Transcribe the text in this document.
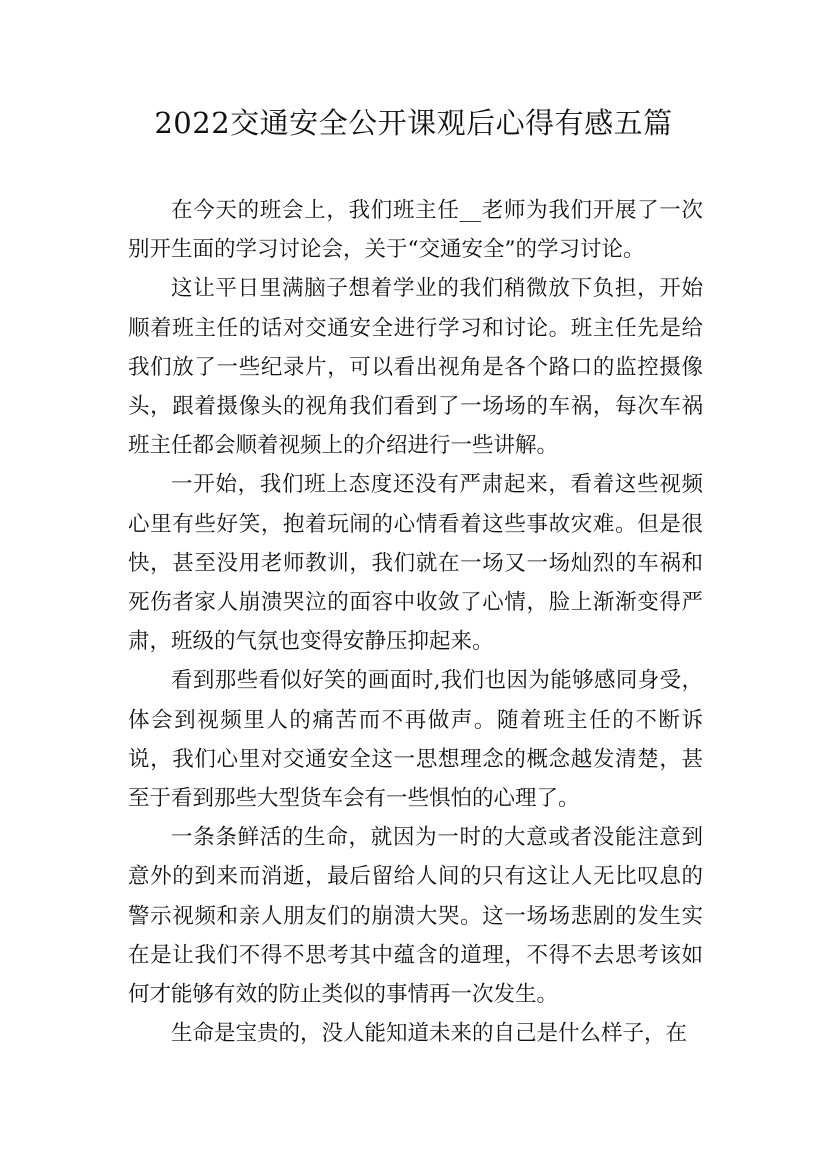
2022交通安全公开课观后心得有感五篇

在今天的班会上，我们班主任__老师为我们开展了一次别开生面的学习讨论会，关于“交通安全”的学习讨论。

这让平日里满脑子想着学业的我们稍微放下负担，开始顺着班主任的话对交通安全进行学习和讨论。班主任先是给我们放了一些纪录片，可以看出视角是各个路口的监控摄像头，跟着摄像头的视角我们看到了一场场的车祸，每次车祸班主任都会顺着视频上的介绍进行一些讲解。

一开始，我们班上态度还没有严肃起来，看着这些视频心里有些好笑，抱着玩闹的心情看着这些事故灾难。但是很快，甚至没用老师教训，我们就在一场又一场灿烈的车祸和死伤者家人崩溃哭泣的面容中收敛了心情，脸上渐渐变得严肃，班级的气氛也变得安静压抑起来。

看到那些看似好笑的画面时,我们也因为能够感同身受，体会到视频里人的痛苦而不再做声。随着班主任的不断诉说，我们心里对交通安全这一思想理念的概念越发清楚，甚至于看到那些大型货车会有一些惧怕的心理了。

一条条鲜活的生命，就因为一时的大意或者没能注意到意外的到来而消逝，最后留给人间的只有这让人无比叹息的警示视频和亲人朋友们的崩溃大哭。这一场场悲剧的发生实在是让我们不得不思考其中蕴含的道理，不得不去思考该如何才能够有效的防止类似的事情再一次发生。

生命是宝贵的，没人能知道未来的自己是什么样子，在
